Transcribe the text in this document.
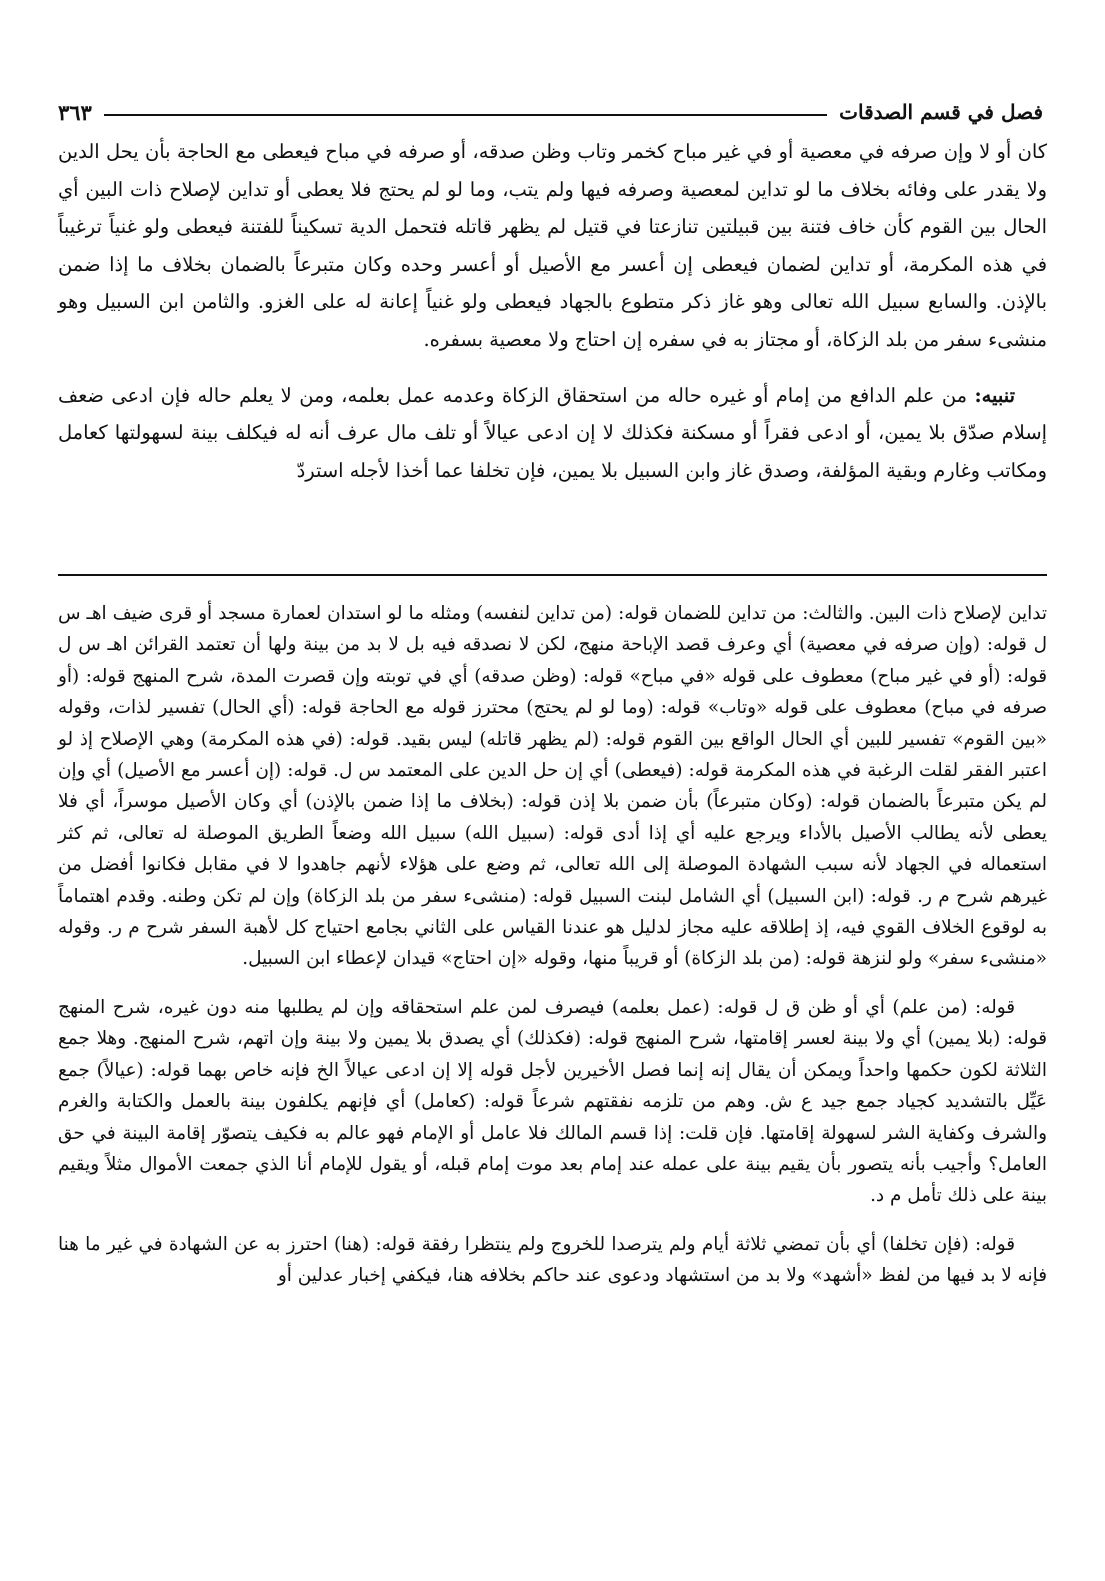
فصل في قسم الصدقات
٣٦٣

كان أو لا وإن صرفه في معصية أو في غير مباح كخمر وتاب وظن صدقه، أو صرفه في مباح فيعطى مع الحاجة بأن يحل الدين ولا يقدر على وفائه بخلاف ما لو تداين لمعصية وصرفه فيها ولم يتب، وما لو لم يحتج فلا يعطى أو تداين لإصلاح ذات البين أي الحال بين القوم كأن خاف فتنة بين قبيلتين تنازعتا في قتيل لم يظهر قاتله فتحمل الدية تسكيناً للفتنة فيعطى ولو غنياً ترغيباً في هذه المكرمة، أو تداين لضمان فيعطى إن أعسر مع الأصيل أو أعسر وحده وكان متبرعاً بالضمان بخلاف ما إذا ضمن بالإذن. والسابع سبيل الله تعالى وهو غاز ذكر متطوع بالجهاد فيعطى ولو غنياً إعانة له على الغزو. والثامن ابن السبيل وهو منشىء سفر من بلد الزكاة، أو مجتاز به في سفره إن احتاج ولا معصية بسفره.

تنبيه: من علم الدافع من إمام أو غيره حاله من استحقاق الزكاة وعدمه عمل بعلمه، ومن لا يعلم حاله فإن ادعى ضعف إسلام صدّق بلا يمين، أو ادعى فقراً أو مسكنة فكذلك لا إن ادعى عيالاً أو تلف مال عرف أنه له فيكلف بينة لسهولتها كعامل ومكاتب وغارم وبقية المؤلفة، وصدق غاز وابن السبيل بلا يمين، فإن تخلفا عما أخذا لأجله استردّ

تداين لإصلاح ذات البين. والثالث: من تداين للضمان قوله: (من تداين لنفسه) ومثله ما لو استدان لعمارة مسجد أو قرى ضيف اهـ س ل قوله: (وإن صرفه في معصية) أي وعرف قصد الإباحة منهج، لكن لا نصدقه فيه بل لا بد من بينة ولها أن تعتمد القرائن اهـ س ل قوله: (أو في غير مباح) معطوف على قوله «في مباح» قوله: (وظن صدقه) أي في توبته وإن قصرت المدة، شرح المنهج قوله: (أو صرفه في مباح) معطوف على قوله «وتاب» قوله: (وما لو لم يحتج) محترز قوله مع الحاجة قوله: (أي الحال) تفسير لذات، وقوله «بين القوم» تفسير للبين أي الحال الواقع بين القوم قوله: (لم يظهر قاتله) ليس بقيد. قوله: (في هذه المكرمة) وهي الإصلاح إذ لو اعتبر الفقر لقلت الرغبة في هذه المكرمة قوله: (فيعطى) أي إن حل الدين على المعتمد س ل. قوله: (إن أعسر مع الأصيل) أي وإن لم يكن متبرعاً بالضمان قوله: (وكان متبرعاً) بأن ضمن بلا إذن قوله: (بخلاف ما إذا ضمن بالإذن) أي وكان الأصيل موسراً، أي فلا يعطى لأنه يطالب الأصيل بالأداء ويرجع عليه أي إذا أدى قوله: (سبيل الله) سبيل الله وضعاً الطريق الموصلة له تعالى، ثم كثر استعماله في الجهاد لأنه سبب الشهادة الموصلة إلى الله تعالى، ثم وضع على هؤلاء لأنهم جاهدوا لا في مقابل فكانوا أفضل من غيرهم شرح م ر. قوله: (ابن السبيل) أي الشامل لبنت السبيل قوله: (منشىء سفر من بلد الزكاة) وإن لم تكن وطنه. وقدم اهتماماً به لوقوع الخلاف القوي فيه، إذ إطلاقه عليه مجاز لدليل هو عندنا القياس على الثاني بجامع احتياج كل لأهبة السفر شرح م ر. وقوله «منشىء سفر» ولو لنزهة قوله: (من بلد الزكاة) أو قريباً منها، وقوله «إن احتاج» قيدان لإعطاء ابن السبيل.

قوله: (من علم) أي أو ظن ق ل قوله: (عمل بعلمه) فيصرف لمن علم استحقاقه وإن لم يطلبها منه دون غيره، شرح المنهج قوله: (بلا يمين) أي ولا بينة لعسر إقامتها، شرح المنهج قوله: (فكذلك) أي يصدق بلا يمين ولا بينة وإن اتهم، شرح المنهج. وهلا جمع الثلاثة لكون حكمها واحداً ويمكن أن يقال إنه إنما فصل الأخيرين لأجل قوله إلا إن ادعى عيالاً الخ فإنه خاص بهما قوله: (عيالاً) جمع عَيِّل بالتشديد كجياد جمع جيد ع ش. وهم من تلزمه نفقتهم شرعاً قوله: (كعامل) أي فإنهم يكلفون بينة بالعمل والكتابة والغرم والشرف وكفاية الشر لسهولة إقامتها. فإن قلت: إذا قسم المالك فلا عامل أو الإمام فهو عالم به فكيف يتصوّر إقامة البينة في حق العامل؟ وأجيب بأنه يتصور بأن يقيم بينة على عمله عند إمام بعد موت إمام قبله، أو يقول للإمام أنا الذي جمعت الأموال مثلاً ويقيم بينة على ذلك تأمل م د.

قوله: (فإن تخلفا) أي بأن تمضي ثلاثة أيام ولم يترصدا للخروج ولم ينتظرا رفقة قوله: (هنا) احترز به عن الشهادة في غير ما هنا فإنه لا بد فيها من لفظ «أشهد» ولا بد من استشهاد ودعوى عند حاكم بخلافه هنا، فيكفي إخبار عدلين أو
